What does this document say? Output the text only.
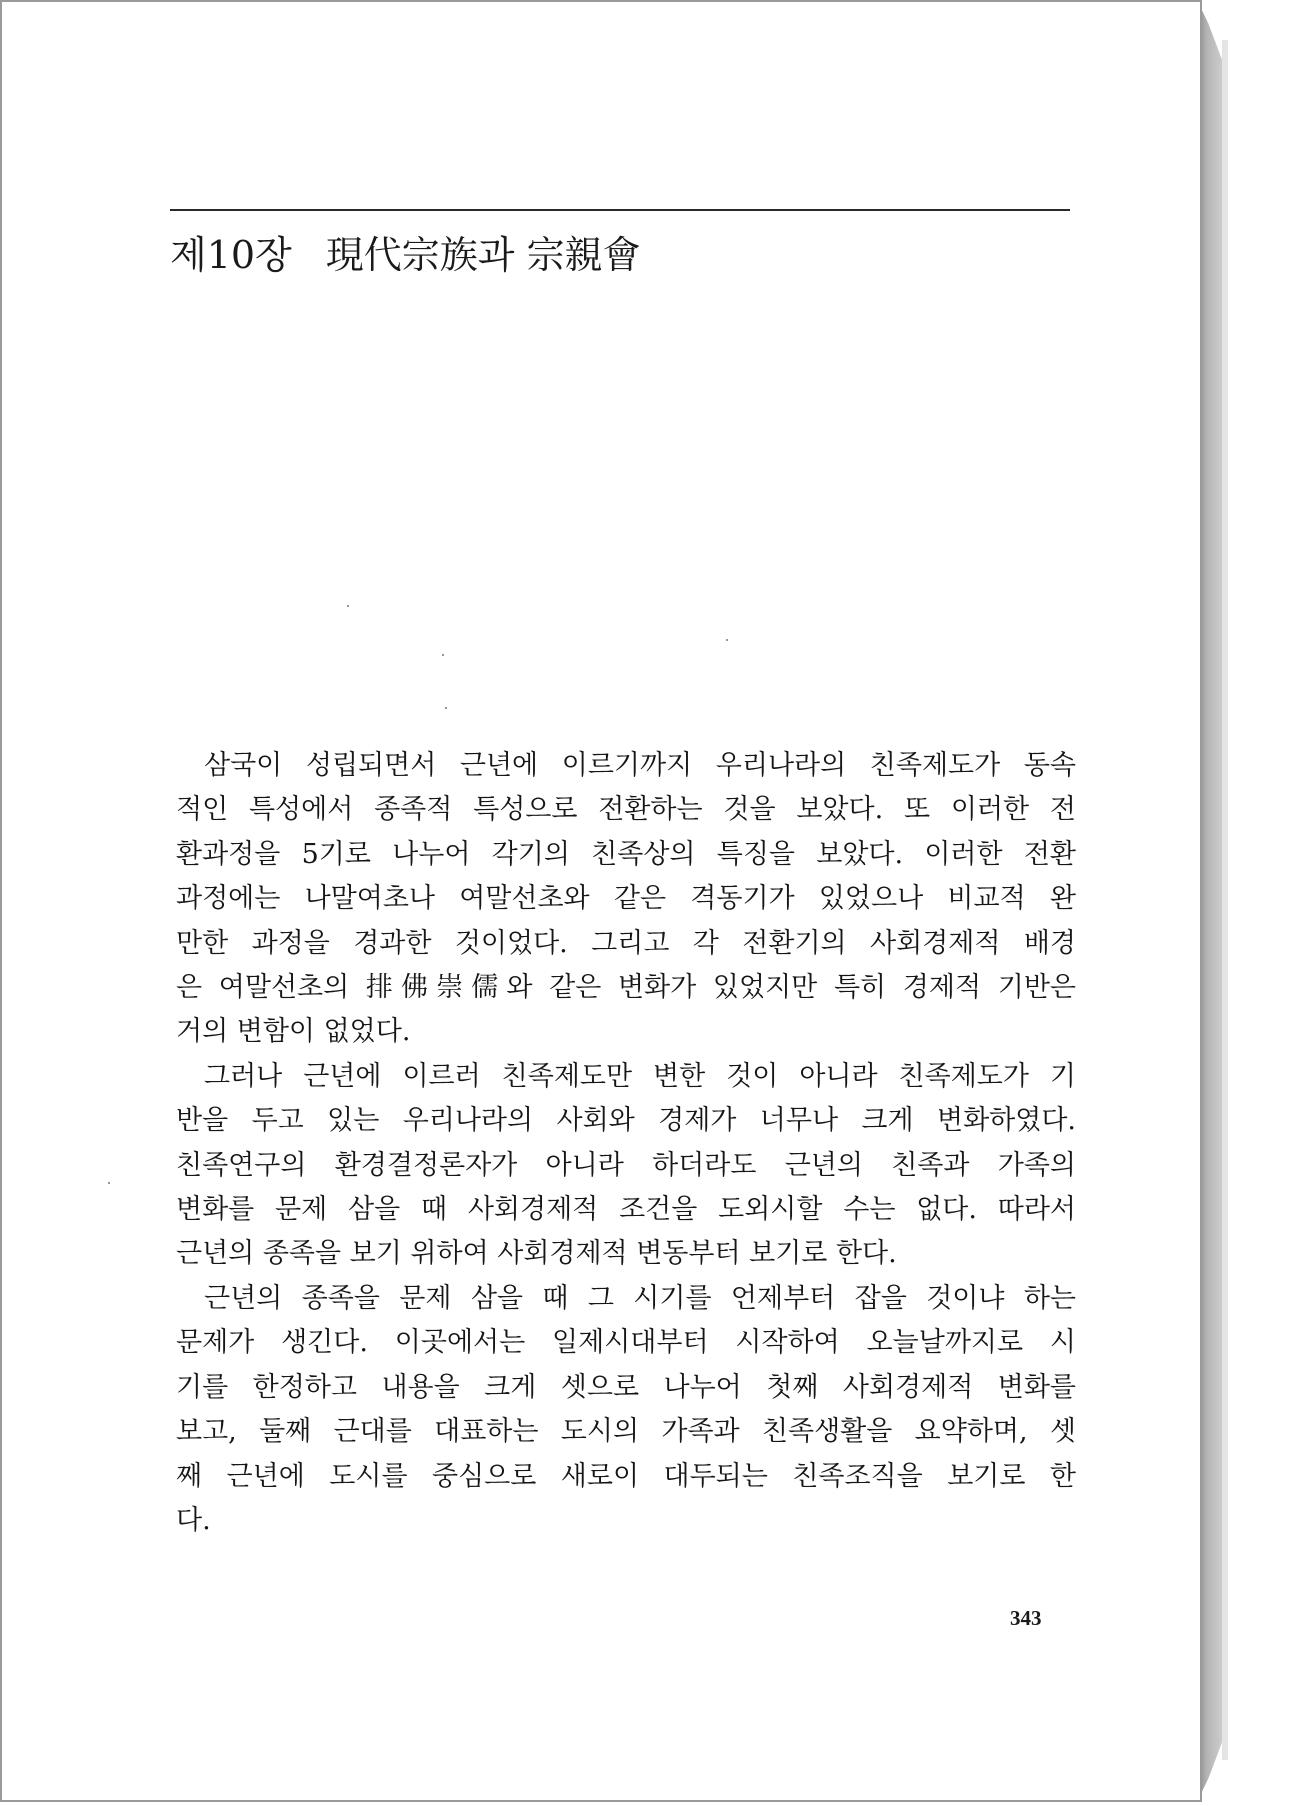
제10장 現代宗族과 宗親會
삼국이 성립되면서 근년에 이르기까지 우리나라의 친족제도가 동속
적인 특성에서 종족적 특성으로 전환하는 것을 보았다. 또 이러한 전
환과정을 5기로 나누어 각기의 친족상의 특징을 보았다. 이러한 전환
과정에는 나말여초나 여말선초와 같은 격동기가 있었으나 비교적 완
만한 과정을 경과한 것이었다. 그리고 각 전환기의 사회경제적 배경
은 여말선초의 排佛崇儒와 같은 변화가 있었지만 특히 경제적 기반은
거의 변함이 없었다.
그러나 근년에 이르러 친족제도만 변한 것이 아니라 친족제도가 기
반을 두고 있는 우리나라의 사회와 경제가 너무나 크게 변화하였다.
친족연구의 환경결정론자가 아니라 하더라도 근년의 친족과 가족의
변화를 문제 삼을 때 사회경제적 조건을 도외시할 수는 없다. 따라서
근년의 종족을 보기 위하여 사회경제적 변동부터 보기로 한다.
근년의 종족을 문제 삼을 때 그 시기를 언제부터 잡을 것이냐 하는
문제가 생긴다. 이곳에서는 일제시대부터 시작하여 오늘날까지로 시
기를 한정하고 내용을 크게 셋으로 나누어 첫째 사회경제적 변화를
보고, 둘째 근대를 대표하는 도시의 가족과 친족생활을 요약하며, 셋
째 근년에 도시를 중심으로 새로이 대두되는 친족조직을 보기로 한
다.
343
